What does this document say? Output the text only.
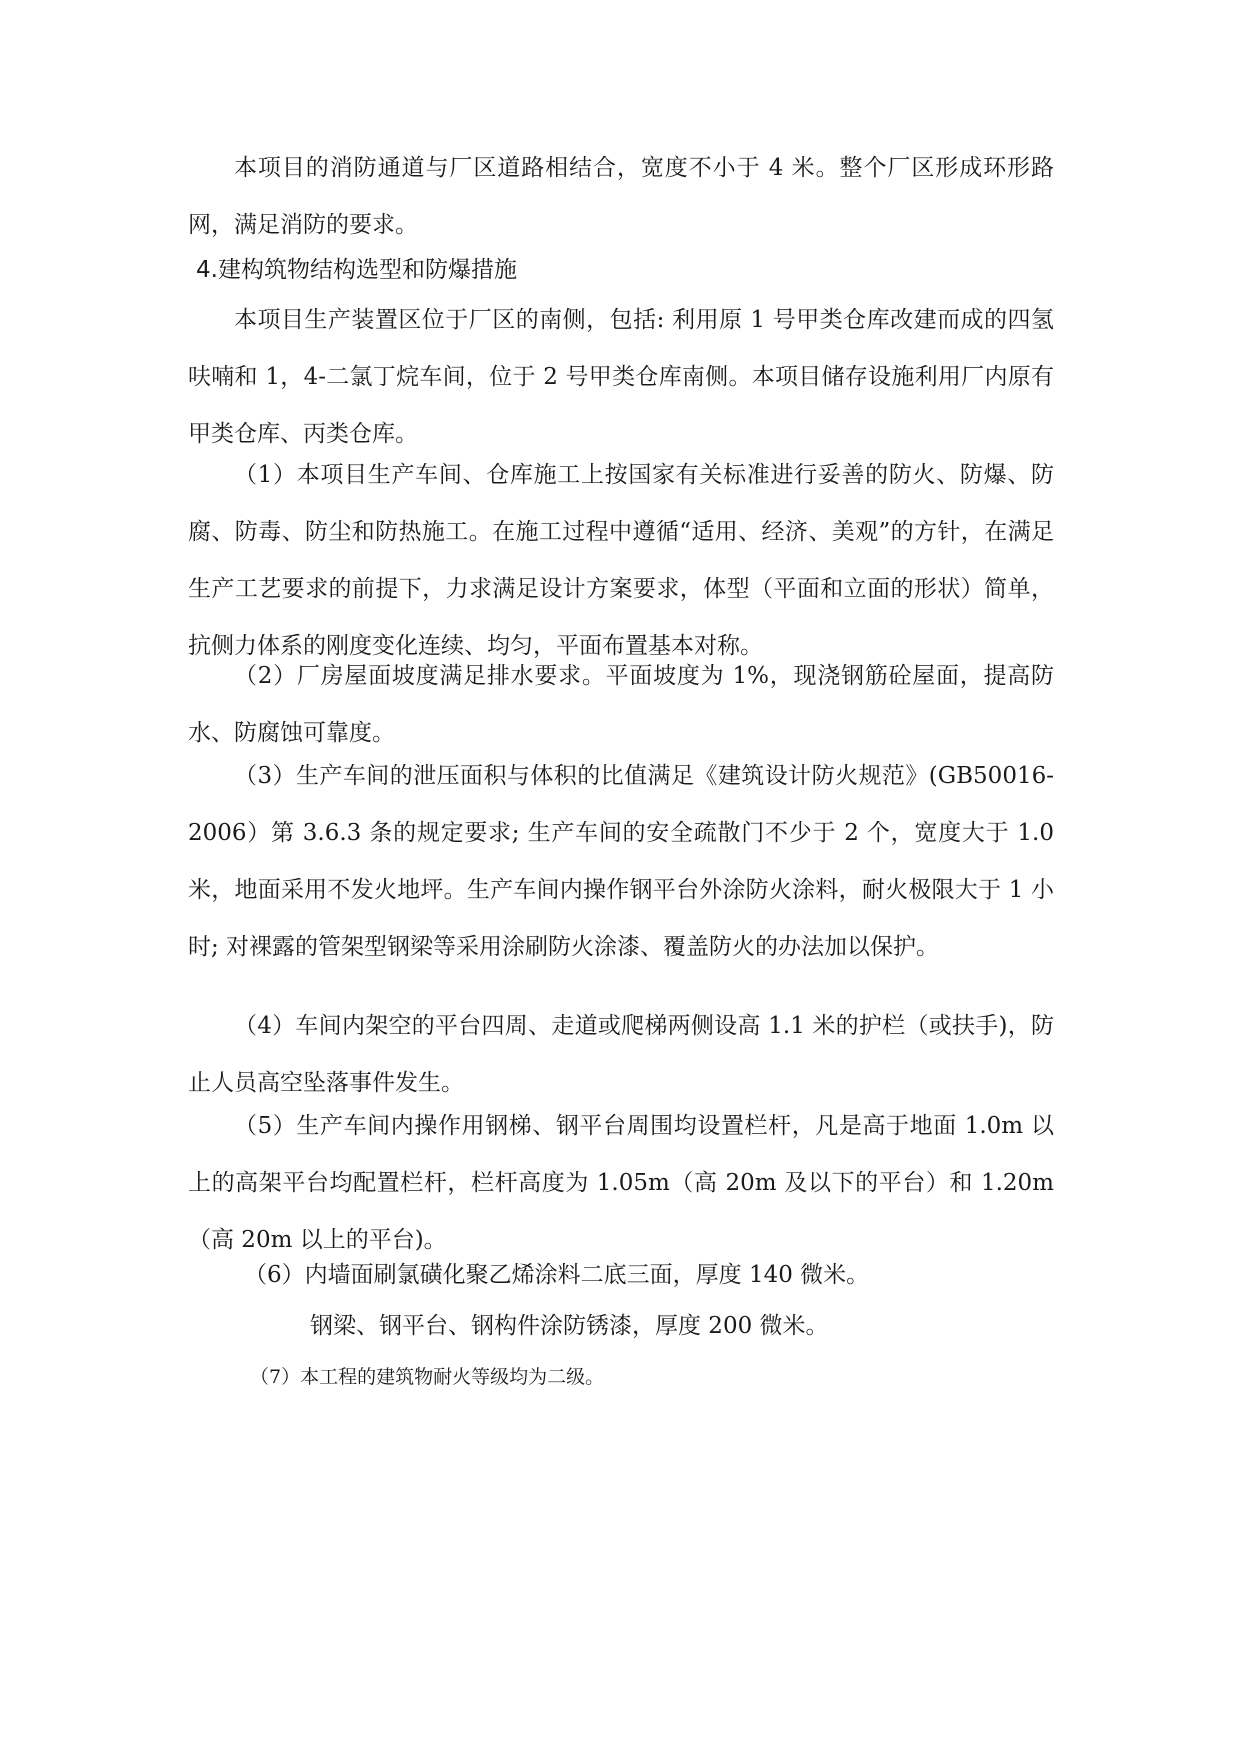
本项目的消防通道与厂区道路相结合，宽度不小于 4 米。整个厂区形成环形路网，满足消防的要求。

4.建构筑物结构选型和防爆措施

本项目生产装置区位于厂区的南侧，包括: 利用原 1 号甲类仓库改建而成的四氢呋喃和 1，4-二氯丁烷车间，位于 2 号甲类仓库南侧。本项目储存设施利用厂内原有甲类仓库、丙类仓库。

（1）本项目生产车间、仓库施工上按国家有关标准进行妥善的防火、防爆、防腐、防毒、防尘和防热施工。在施工过程中遵循“适用、经济、美观”的方针，在满足生产工艺要求的前提下，力求满足设计方案要求，体型（平面和立面的形状）简单，抗侧力体系的刚度变化连续、均匀，平面布置基本对称。

（2）厂房屋面坡度满足排水要求。平面坡度为 1%，现浇钢筋砼屋面，提高防水、防腐蚀可靠度。

（3）生产车间的泄压面积与体积的比值满足《建筑设计防火规范》(GB50016-2006）第 3.6.3 条的规定要求; 生产车间的安全疏散门不少于 2 个，宽度大于 1.0 米，地面采用不发火地坪。生产车间内操作钢平台外涂防火涂料，耐火极限大于 1 小时; 对裸露的管架型钢梁等采用涂刷防火涂漆、覆盖防火的办法加以保护。

（4）车间内架空的平台四周、走道或爬梯两侧设高 1.1 米的护栏（或扶手)，防止人员高空坠落事件发生。

（5）生产车间内操作用钢梯、钢平台周围均设置栏杆，凡是高于地面 1.0m 以上的高架平台均配置栏杆，栏杆高度为 1.05m（高 20m 及以下的平台）和 1.20m（高 20m 以上的平台)。

（6）内墙面刷氯磺化聚乙烯涂料二底三面，厚度 140 微米。

钢梁、钢平台、钢构件涂防锈漆，厚度 200 微米。

（7）本工程的建筑物耐火等级均为二级。
